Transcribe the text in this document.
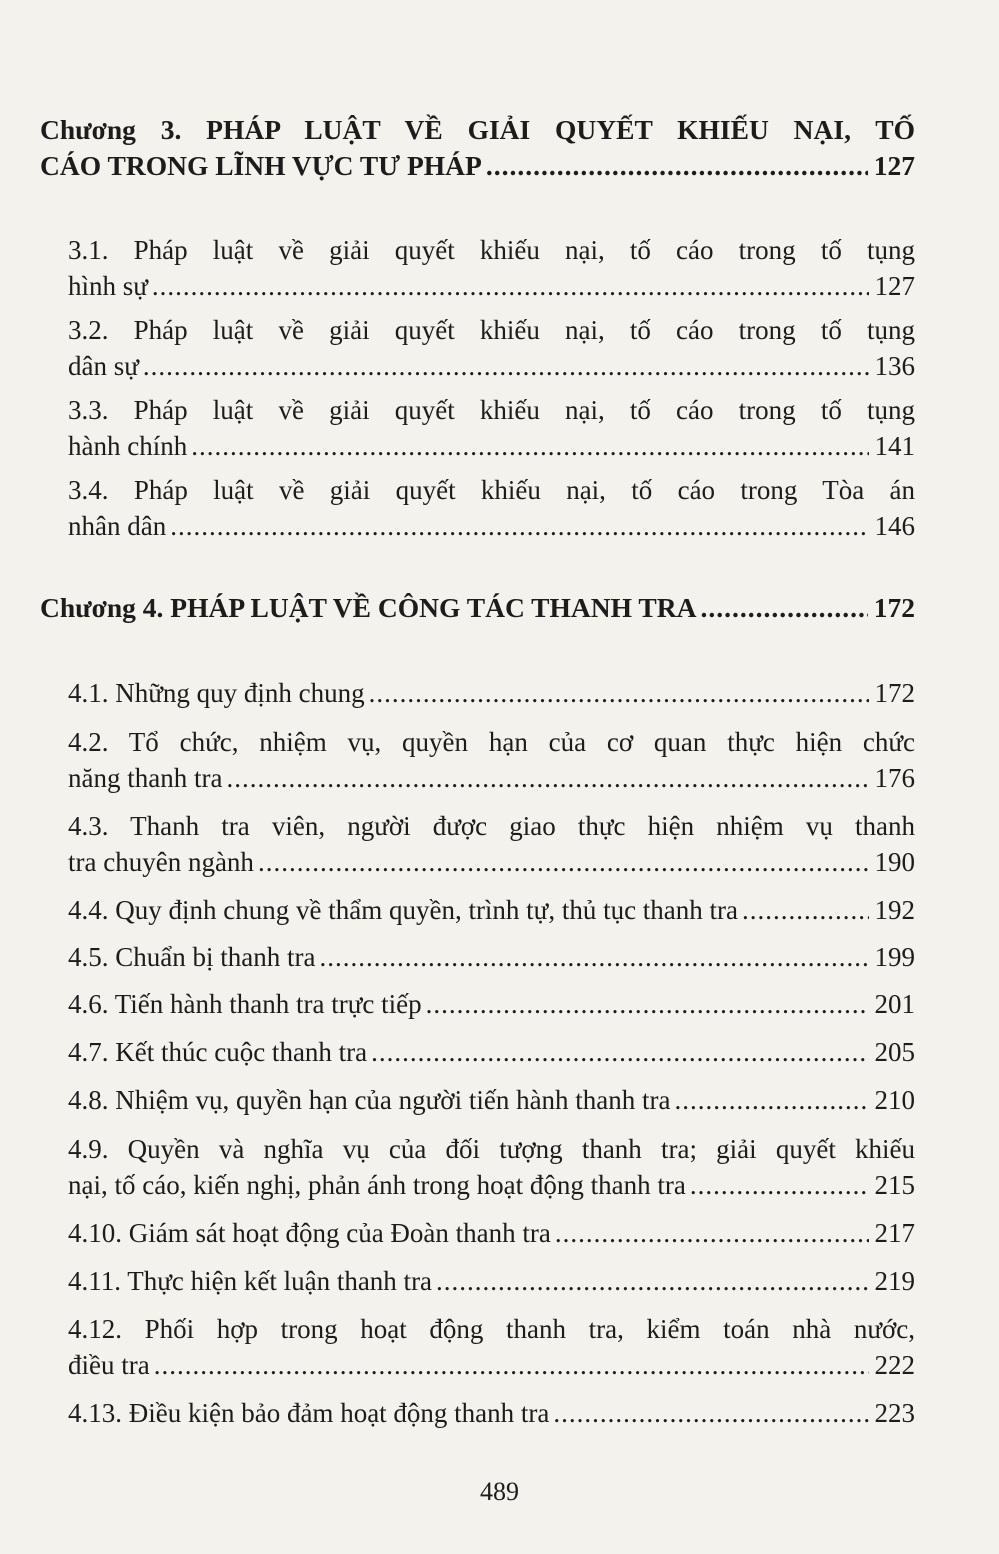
Chương 3. PHÁP LUẬT VỀ GIẢI QUYẾT KHIẾU NẠI, TỐ
CÁO TRONG LĨNH VỰC TƯ PHÁP .....	127
3.1. Pháp luật về giải quyết khiếu nại, tố cáo trong tố tụng
hình sự .....	127
3.2. Pháp luật về giải quyết khiếu nại, tố cáo trong tố tụng
dân sự .....	136
3.3. Pháp luật về giải quyết khiếu nại, tố cáo trong tố tụng
hành chính .....	141
3.4. Pháp luật về giải quyết khiếu nại, tố cáo trong Tòa án
nhân dân .....	146
Chương 4. PHÁP LUẬT VỀ CÔNG TÁC THANH TRA .....	172
4.1. Những quy định chung .....	172
4.2. Tổ chức, nhiệm vụ, quyền hạn của cơ quan thực hiện chức
năng thanh tra .....	176
4.3. Thanh tra viên, người được giao thực hiện nhiệm vụ thanh
tra chuyên ngành .....	190
4.4. Quy định chung về thẩm quyền, trình tự, thủ tục thanh tra .....	192
4.5. Chuẩn bị thanh tra .....	199
4.6. Tiến hành thanh tra trực tiếp .....	201
4.7. Kết thúc cuộc thanh tra .....	205
4.8. Nhiệm vụ, quyền hạn của người tiến hành thanh tra .....	210
4.9. Quyền và nghĩa vụ của đối tượng thanh tra; giải quyết khiếu
nại, tố cáo, kiến nghị, phản ánh trong hoạt động thanh tra .....	215
4.10. Giám sát hoạt động của Đoàn thanh tra .....	217
4.11. Thực hiện kết luận thanh tra .....	219
4.12. Phối hợp trong hoạt động thanh tra, kiểm toán nhà nước,
điều tra .....	222
4.13. Điều kiện bảo đảm hoạt động thanh tra .....	223
489
